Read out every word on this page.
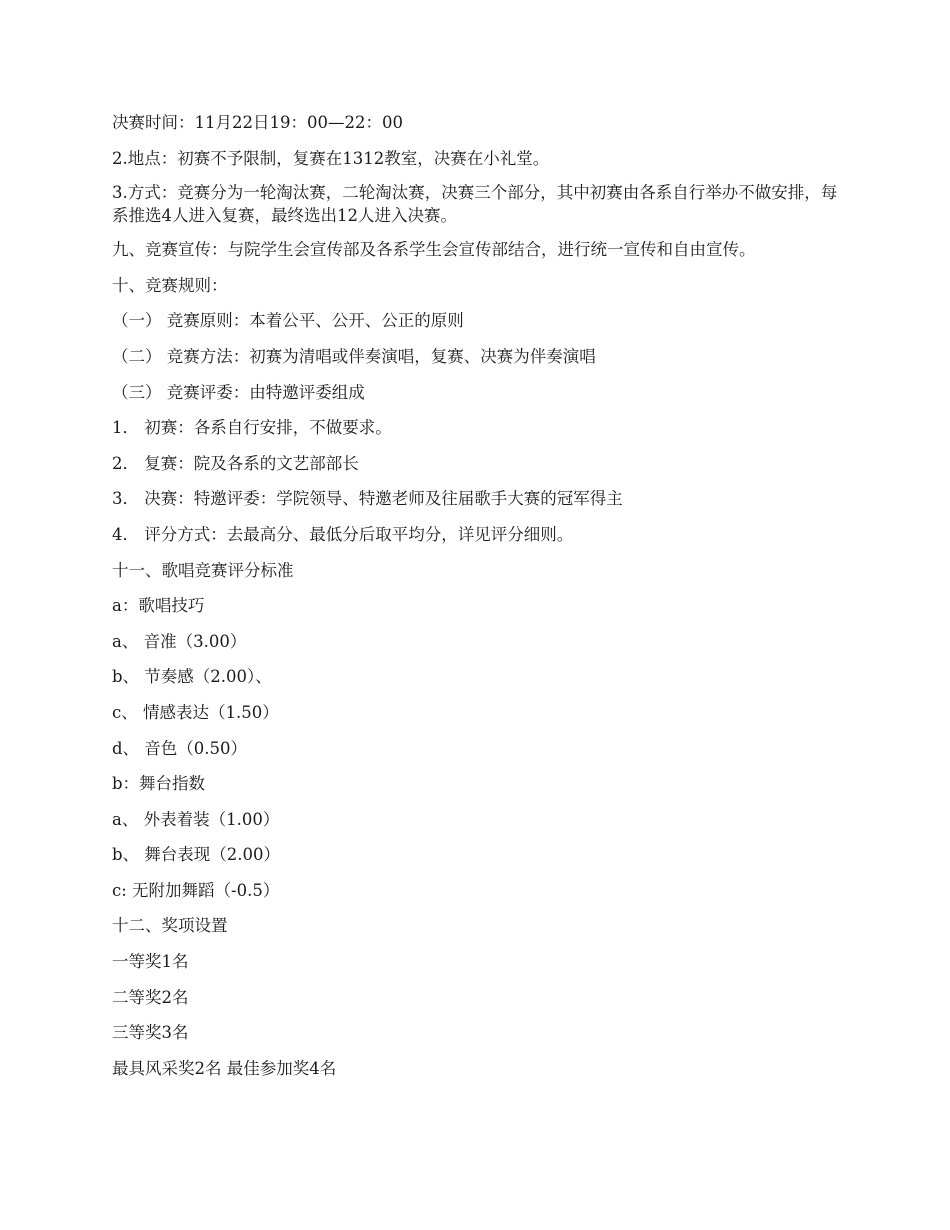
决赛时间：11月22日19：00—22：00
2.地点：初赛不予限制，复赛在1312教室，决赛在小礼堂。
3.方式：竞赛分为一轮淘汰赛，二轮淘汰赛，决赛三个部分，其中初赛由各系自行举办不做安排，每系推选4人进入复赛，最终选出12人进入决赛。
九、竞赛宣传：与院学生会宣传部及各系学生会宣传部结合，进行统一宣传和自由宣传。
十、竞赛规则：
（一） 竞赛原则：本着公平、公开、公正的原则
（二） 竞赛方法：初赛为清唱或伴奏演唱，复赛、决赛为伴奏演唱
（三） 竞赛评委：由特邀评委组成
1． 初赛：各系自行安排，不做要求。
2． 复赛：院及各系的文艺部部长
3． 决赛：特邀评委：学院领导、特邀老师及往届歌手大赛的冠军得主
4． 评分方式：去最高分、最低分后取平均分，详见评分细则。
十一、歌唱竞赛评分标准
a：歌唱技巧
a、 音准（3.00）
b、 节奏感（2.00）、
c、 情感表达（1.50）
d、 音色（0.50）
b：舞台指数
a、 外表着装（1.00）
b、 舞台表现（2.00）
c: 无附加舞蹈（-0.5）
十二、奖项设置
一等奖1名
二等奖2名
三等奖3名
最具风采奖2名 最佳参加奖4名
